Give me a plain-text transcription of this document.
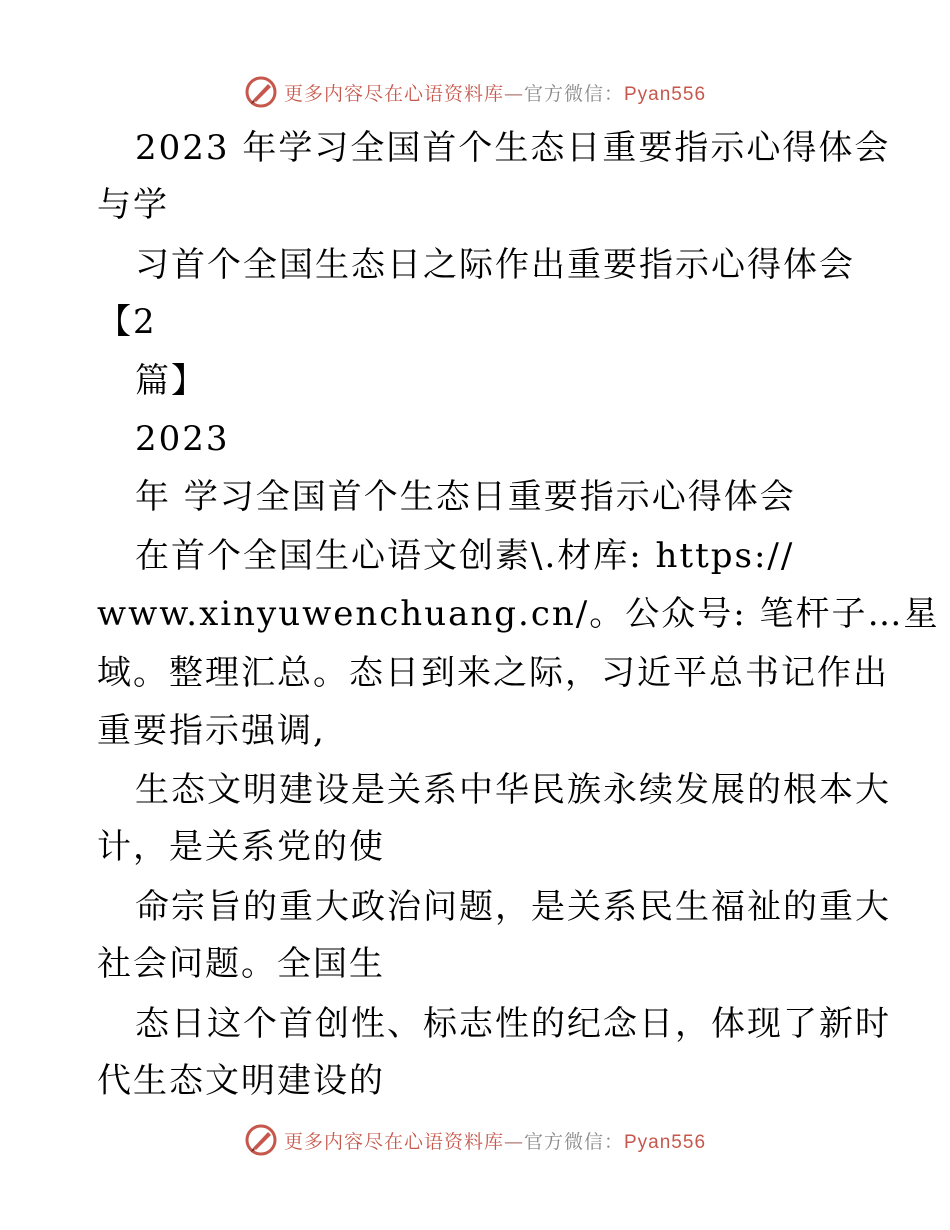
更多内容尽在心语资料库—官方微信：Pyan556
2023 年学习全国首个生态日重要指示心得体会
与学
习首个全国生态日之际作出重要指示心得体会
【2
篇】
2023
年 学习全国首个生态日重要指示心得体会
在首个全国生心语文创素\.材库: https://
www.xinyuwenchuang.cn/。公众号: 笔杆子…星
域。整理汇总。态日到来之际，习近平总书记作出
重要指示强调,
生态文明建设是关系中华民族永续发展的根本大
计，是关系党的使
命宗旨的重大政治问题，是关系民生福祉的重大
社会问题。全国生
态日这个首创性、标志性的纪念日，体现了新时
代生态文明建设的
更多内容尽在心语资料库—官方微信：Pyan556
